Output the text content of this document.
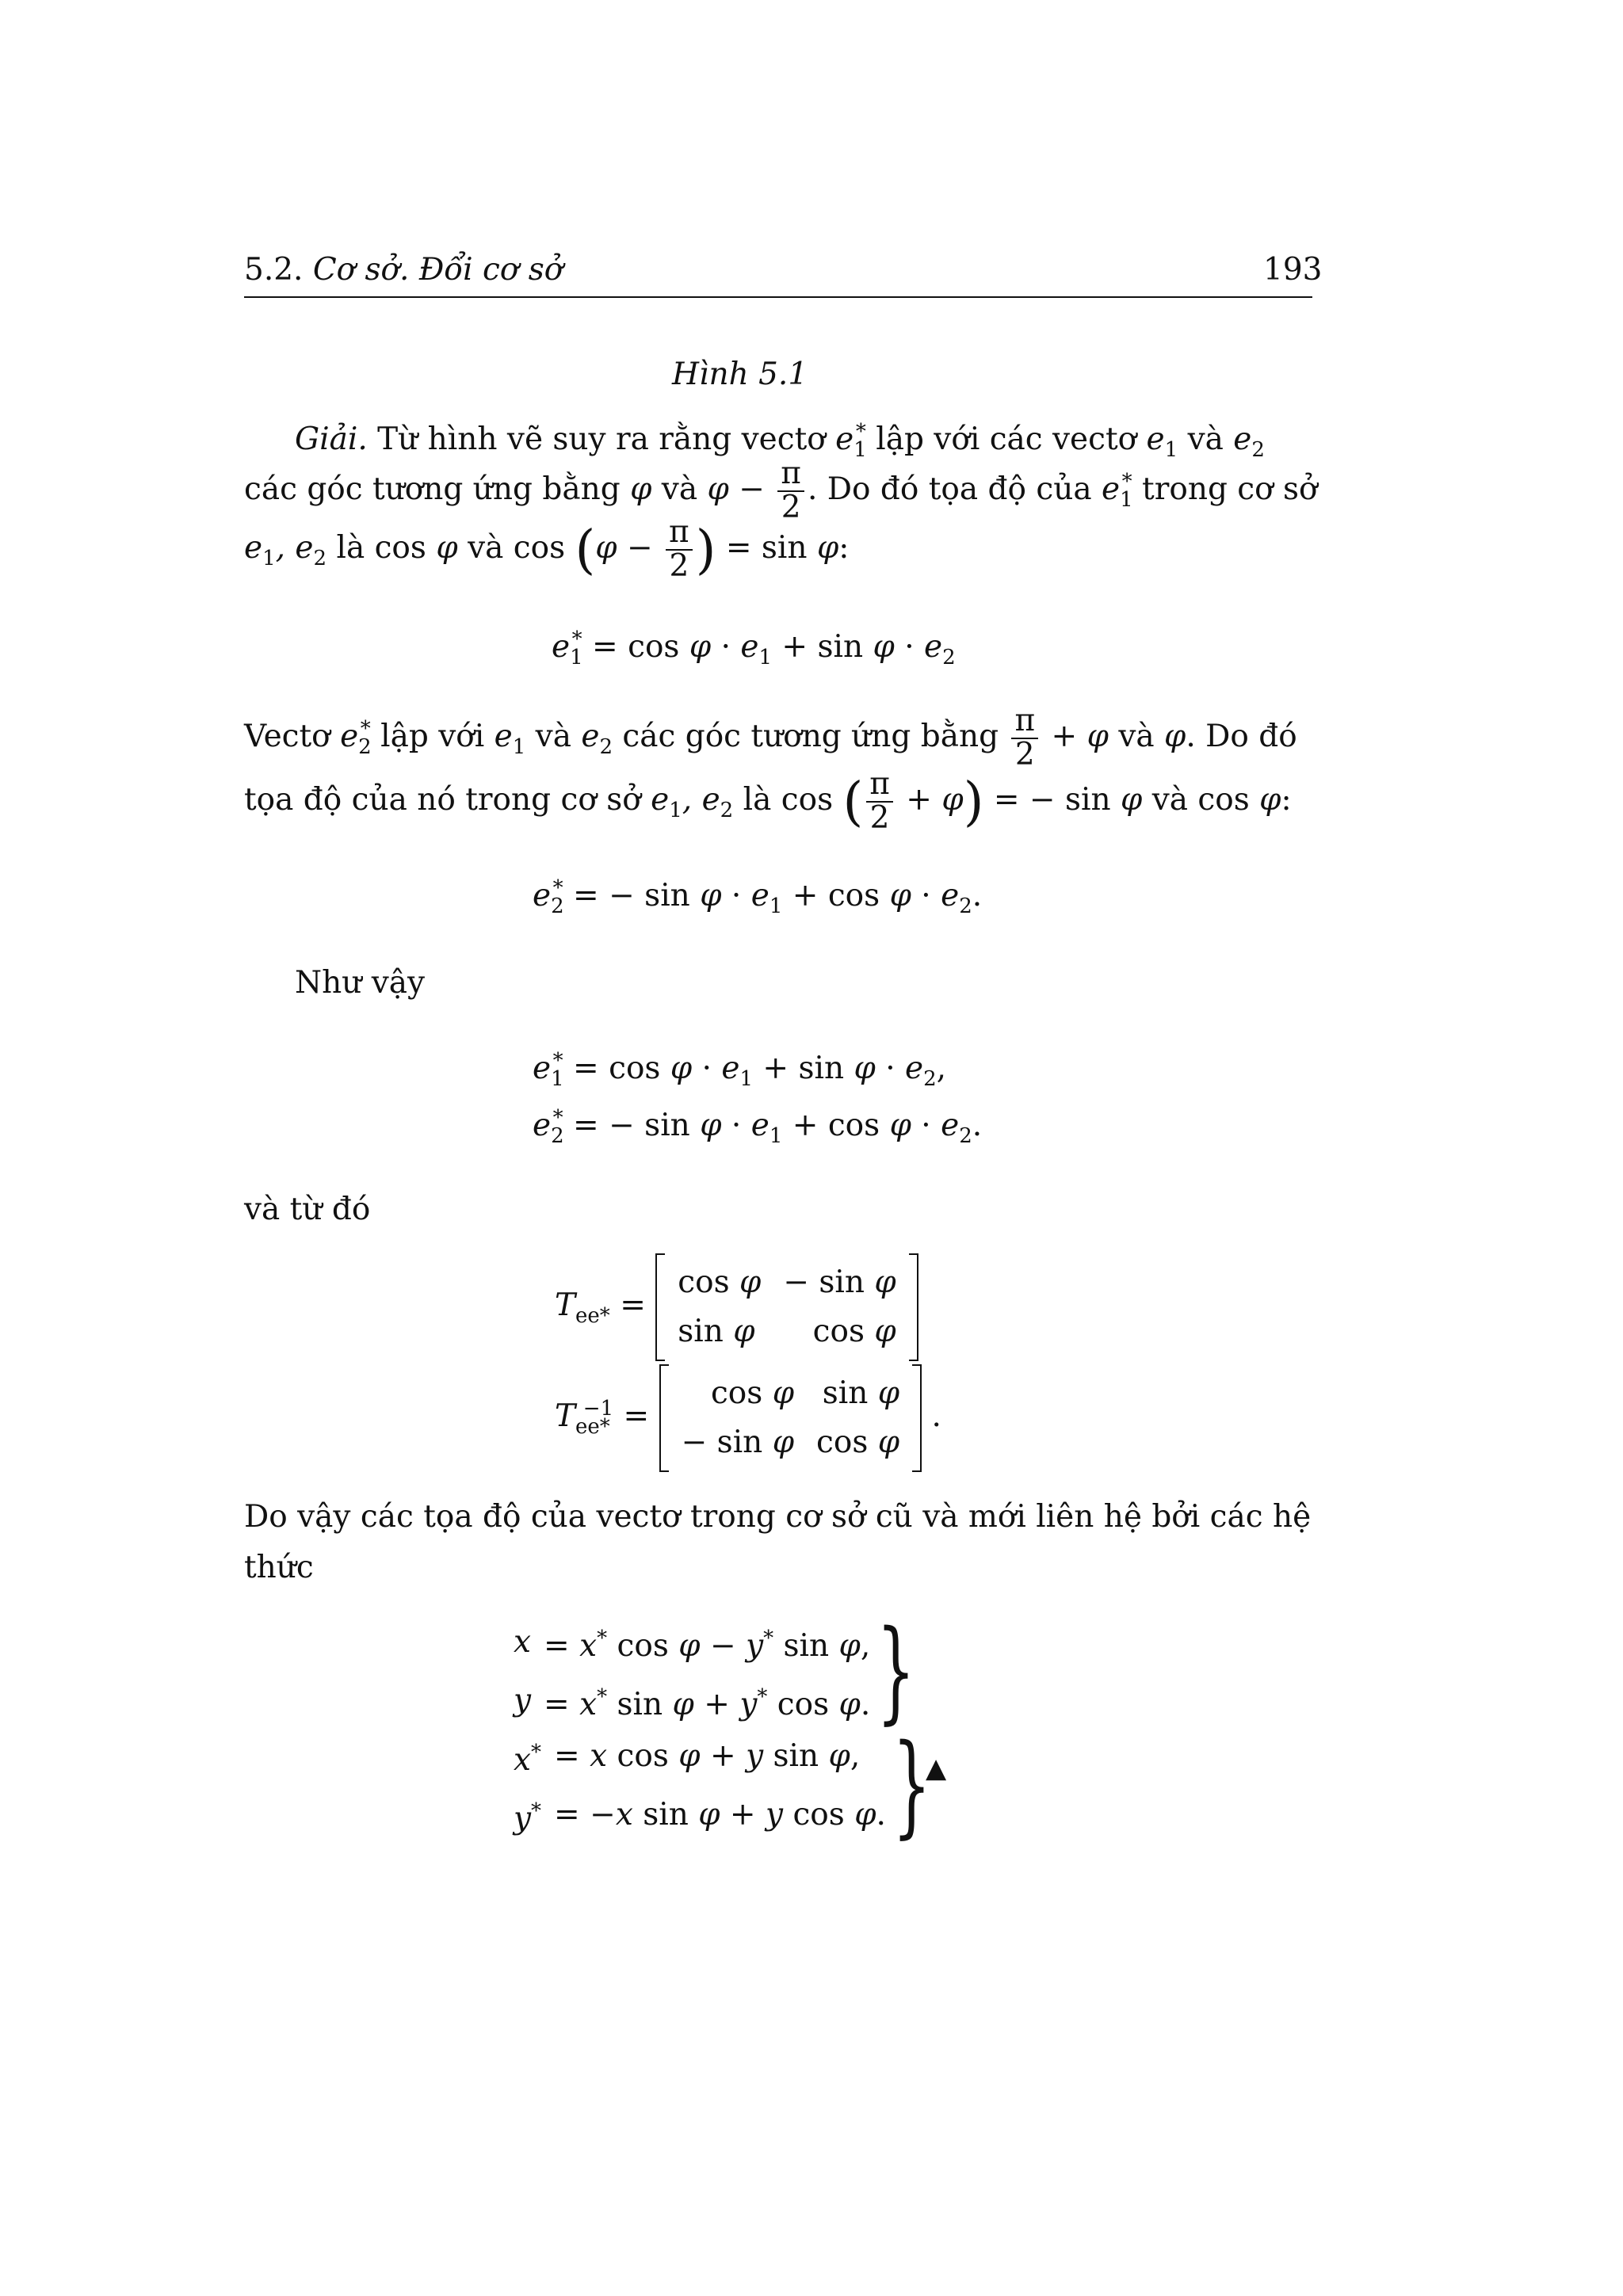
5.2. Cơ sở. Đổi cơ sở	193
Hình 5.1
Giải. Từ hình vẽ suy ra rằng vectơ $e_1^*$ lập với các vectơ $e_1$ và $e_2$
các góc tương ứng bằng φ và $\varphi - \frac{\pi}{2}$ . Do đó tọa độ của $e_1^*$ trong cơ sở
$e_1$, $e_2$ là cos φ và $\cos (\varphi - \frac{\pi}{2}$ ) = sin φ:
$e_1^* = \cos \varphi \cdot e_1 + \sin \varphi \cdot e_2$
Vectơ $e_2^*$ lập với $e_1$ và $e_2$ các góc tương ứng bằng $\frac{\pi}{2} + \varphi$ và φ. Do đó
tọa độ của nó trong cơ sở $e_1$, $e_2$ là cos ( $\frac{\pi}{2} + \varphi$) = − sin φ và cos φ:
$e_2^*$ = − $\sin \varphi \cdot e_1 + \cos \varphi \cdot e_2$.
Như vậy
$e_1^* = \cos \varphi \cdot e_1 + \sin \varphi \cdot e_2$,
$e_2^*$ = − $\sin \varphi \cdot e_1 + \cos \varphi \cdot e_2$.
và từ đó
$T_{ee*}$ =
cos φ	− sin φ
sin φ	cos φ
$T_{ee*}^{-1}$ =
cos φ	sin φ
− sin φ	cos φ
.
Do vậy các tọa độ của vectơ trong cơ sở cũ và mới liên hệ bởi các hệ
thức
x	= x* cos φ − y* sin φ,
y	= x* sin φ + y* cos φ. }
x*	= x cos φ + y sin φ,
y*	= −x sin φ + y cos φ. }
▲
